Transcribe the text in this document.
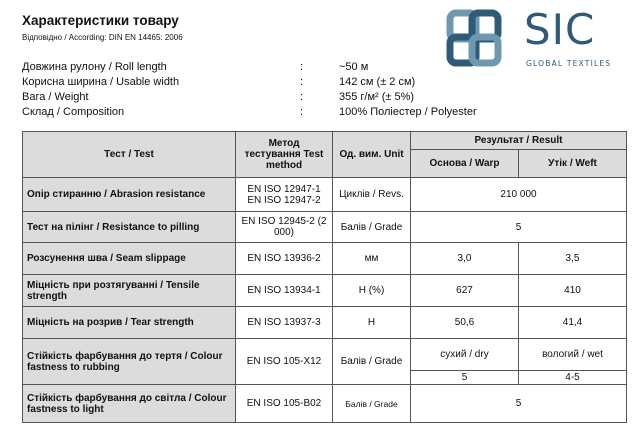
Характеристики товару
Відповідно / According: DIN EN 14465: 2006	SIC
GLOBAL TEXTILES
Довжина рулону / Roll length	:	~50 м
Корисна ширина / Usable width	:	142 см (± 2 см)
Вага / Weight	:	355 г/м² (± 5%)
Склад / Composition	:	100% Поліестер / Polyester
Тест / Test	Метод тестування Test method	Од. вим. Unit	Результат / Result	
			Основа / Warp	Утік / Weft
Опір стиранню / Abrasion resistance	EN ISO 12947-1 EN ISO 12947-2	Циклів / Revs.	210 000	
Тест на пілінг / Resistance to pilling	EN ISO 12945-2 (2 000)	Балів / Grade	5	
Розсунення шва / Seam slippage	EN ISO 13936-2	мм	3,0	3,5
Міцність при розтягуванні / Tensile strength	EN ISO 13934-1	Н (%)	627	410
Міцність на розрив / Tear strength	EN ISO 13937-3	Н	50,6	41,4
Стійкість фарбування до тертя / Colour fastness to rubbing	EN ISO 105-X12	Балів / Grade	сухий / dry	вологий / wet
			5	4-5
Стійкість фарбування до світла / Colour fastness to light	EN ISO 105-B02	Балів / Grade	5	
